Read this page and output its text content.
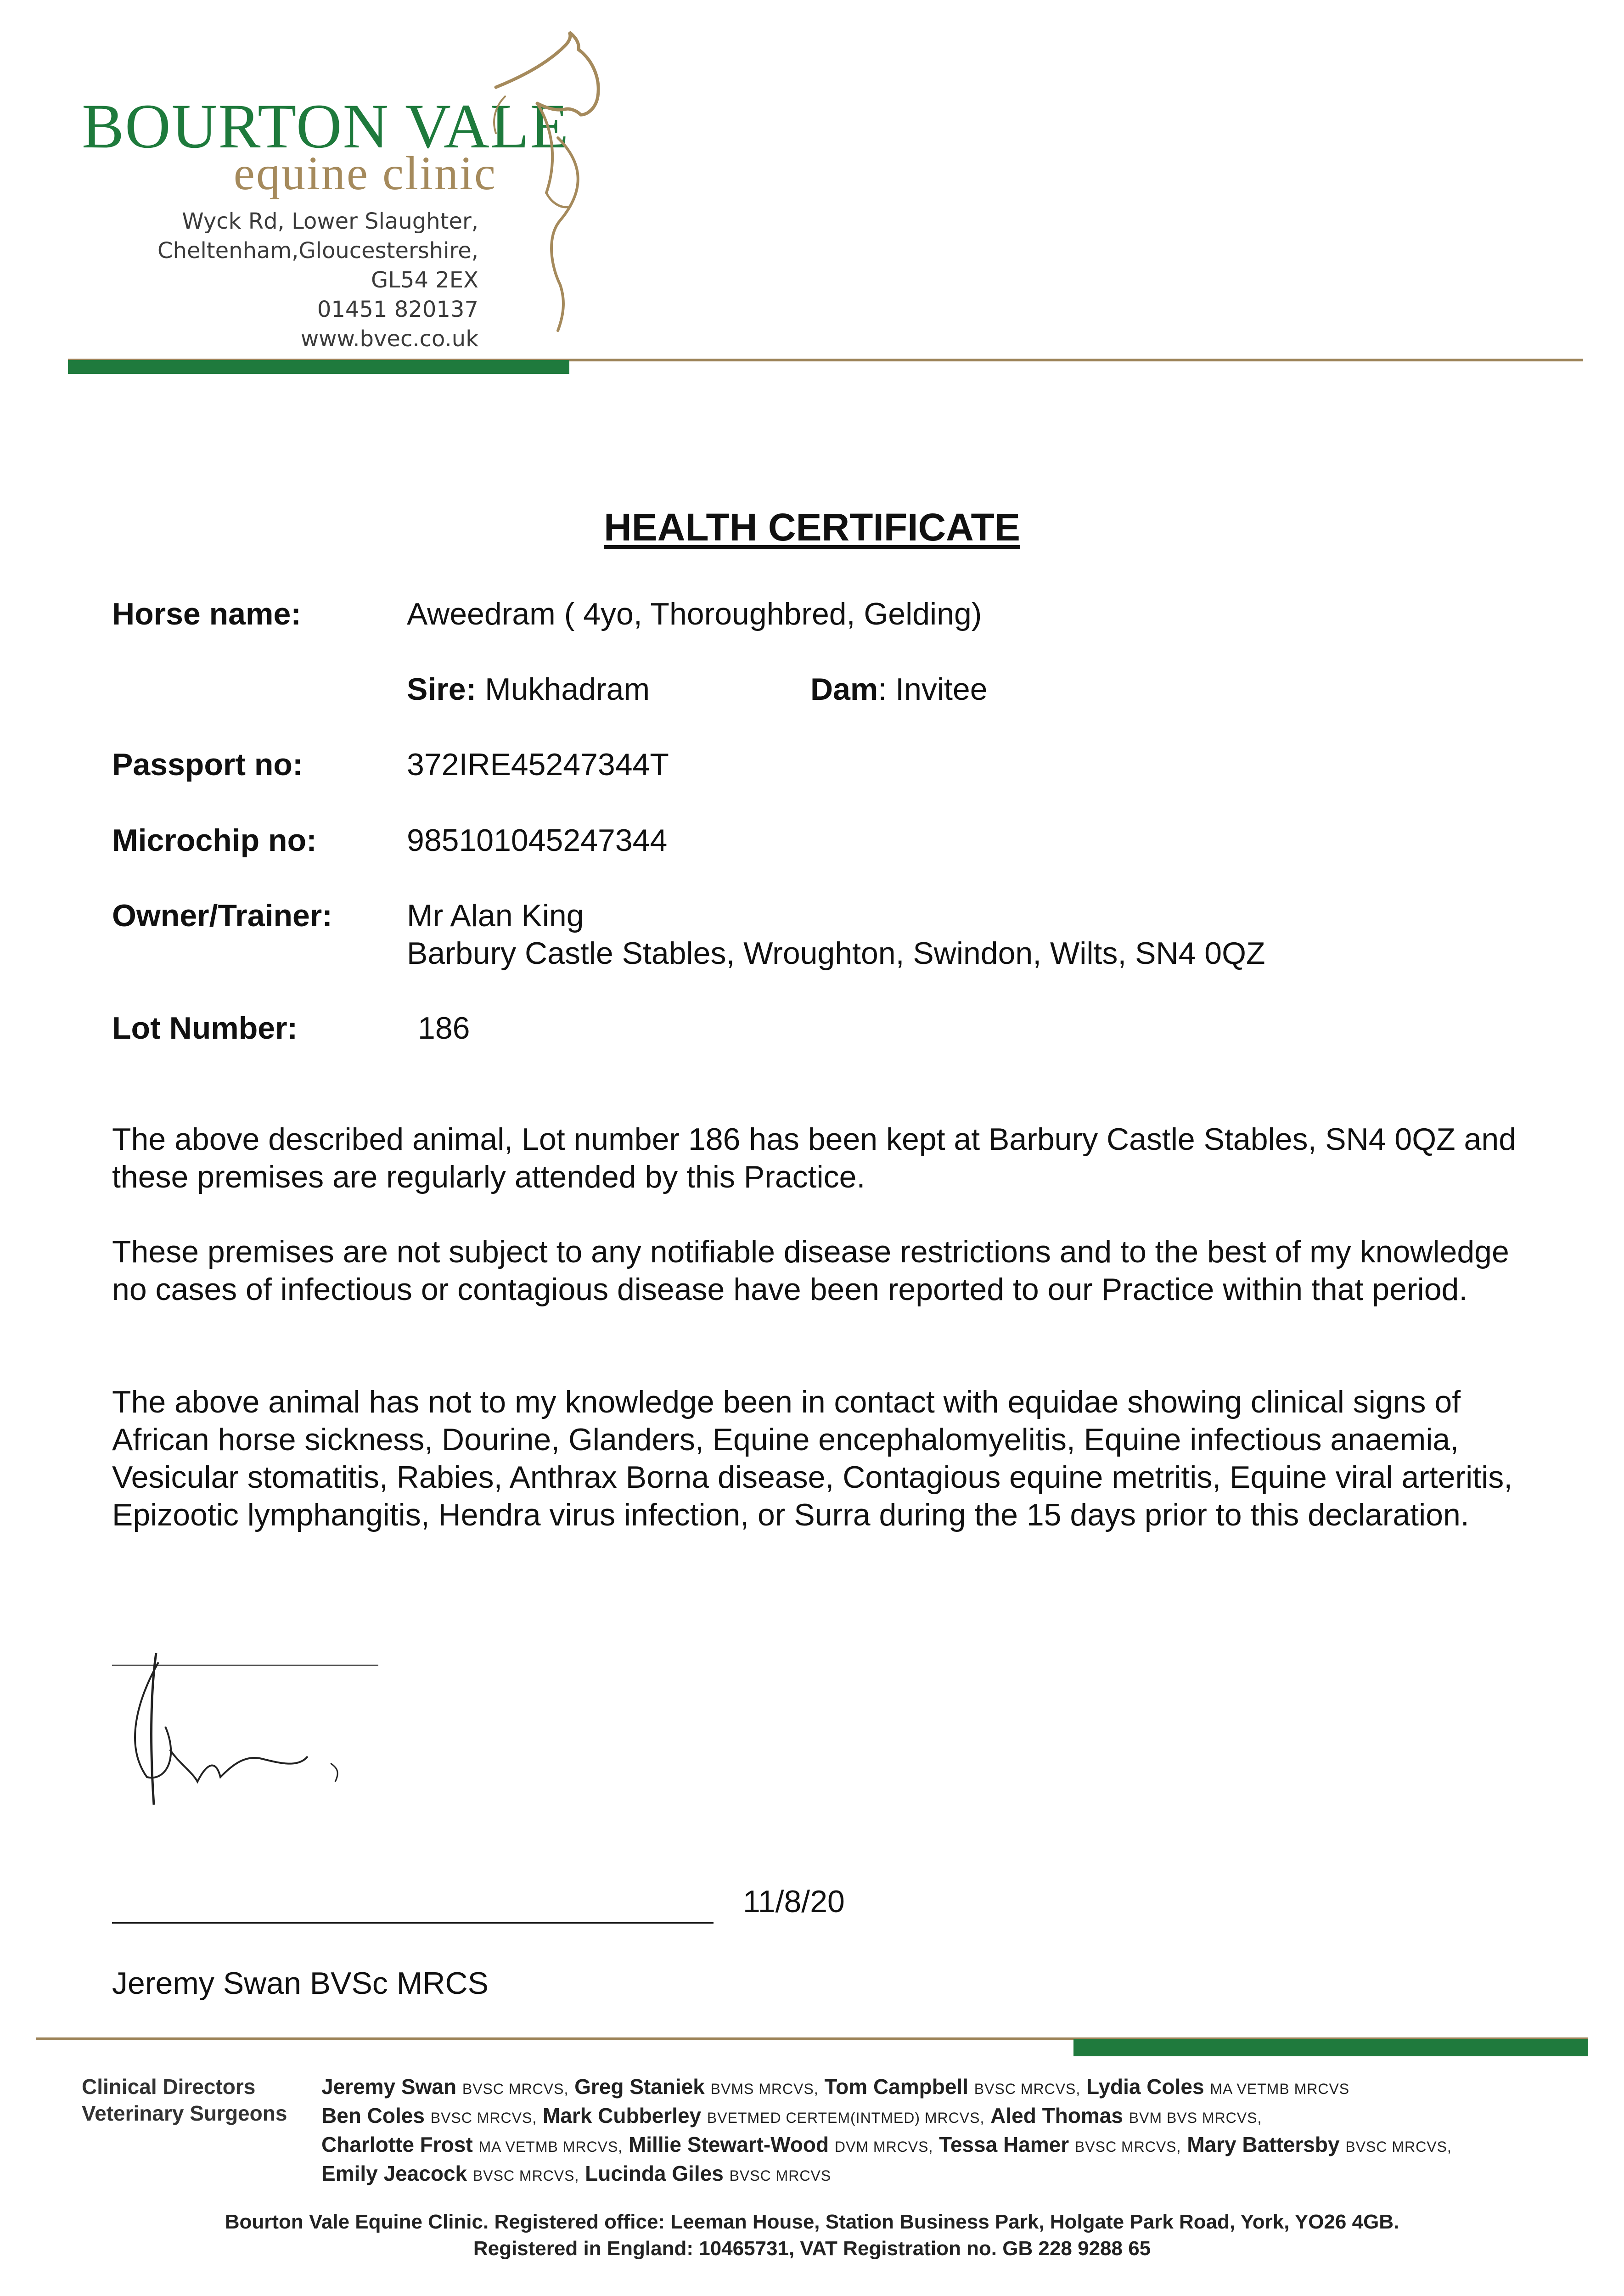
BOURTON VALE
equine clinic
Wyck Rd, Lower Slaughter,
Cheltenham,Gloucestershire,
GL54 2EX
01451 820137
www.bvec.co.uk
HEALTH CERTIFICATE
Horse name:	Aweedram ( 4yo, Thoroughbred, Gelding)
Sire: Mukhadram	Dam: Invitee
Passport no:	372IRE45247344T
Microchip no:	985101045247344
Owner/Trainer: Mr Alan King
Barbury Castle Stables, Wroughton, Swindon, Wilts, SN4 0QZ
Lot Number:	186
The above described animal, Lot number 186 has been kept at Barbury Castle Stables, SN4 0QZ and these premises are regularly attended by this Practice.
These premises are not subject to any notifiable disease restrictions and to the best of my knowledge no cases of infectious or contagious disease have been reported to our Practice within that period.
The above animal has not to my knowledge been in contact with equidae showing clinical signs of African horse sickness, Dourine, Glanders, Equine encephalomyelitis, Equine infectious anaemia, Vesicular stomatitis, Rabies, Anthrax Borna disease, Contagious equine metritis, Equine viral arteritis, Epizootic lymphangitis, Hendra virus infection, or Surra during the 15 days prior to this declaration.
11/8/20
Jeremy Swan BVSc MRCS
Clinical Directors
Veterinary Surgeons
Jeremy Swan BVSC MRCVS, Greg Staniek BVMS MRCVS, Tom Campbell BVSC MRCVS, Lydia Coles MA VETMB MRCVS
Ben Coles BVSC MRCVS, Mark Cubberley BVETMED CERTEM(INTMED) MRCVS, Aled Thomas BVM BVS MRCVS,
Charlotte Frost MA VETMB MRCVS, Millie Stewart-Wood DVM MRCVS, Tessa Hamer BVSC MRCVS, Mary Battersby BVSC MRCVS,
Emily Jeacock BVSC MRCVS, Lucinda Giles BVSC MRCVS
Bourton Vale Equine Clinic. Registered office: Leeman House, Station Business Park, Holgate Park Road, York, YO26 4GB.
Registered in England: 10465731, VAT Registration no. GB 228 9288 65
